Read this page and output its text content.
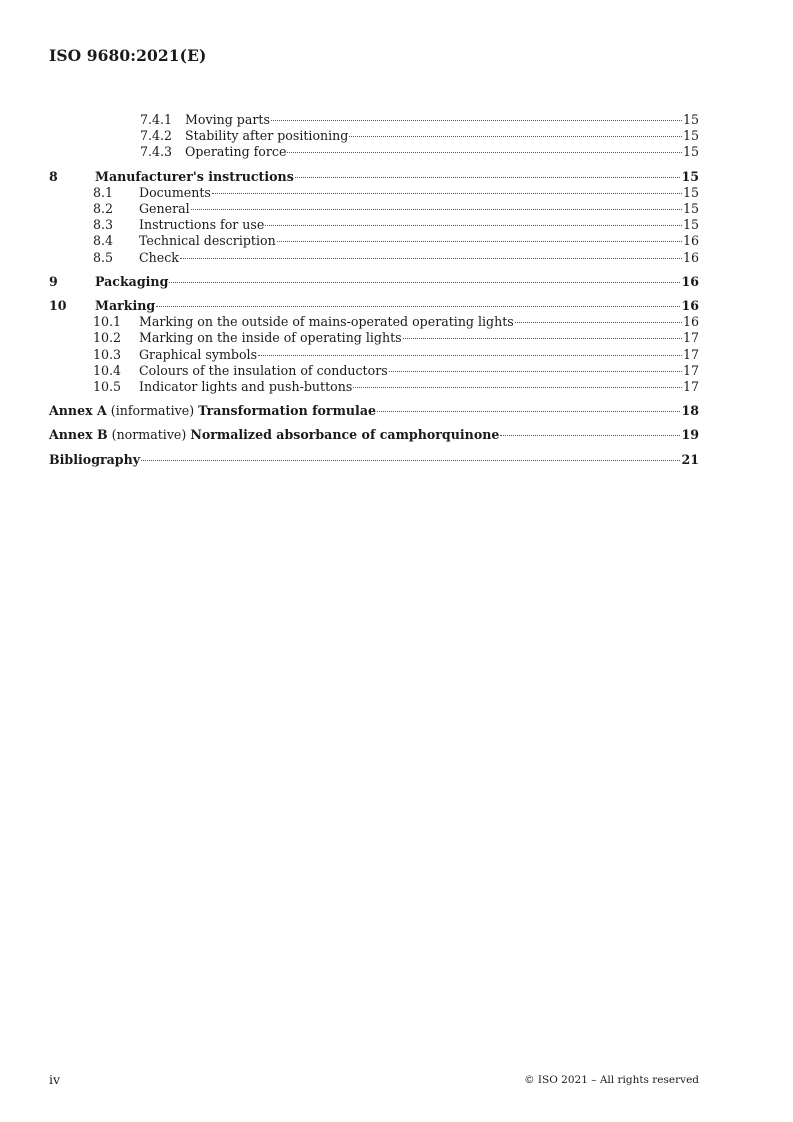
ISO 9680:2021(E)
7.4.1	Moving parts	15
7.4.2	Stability after positioning	15
7.4.3	Operating force	15
8	Manufacturer's instructions	15
8.1	Documents	15
8.2	General	15
8.3	Instructions for use	15
8.4	Technical description	16
8.5	Check	16
9	Packaging	16
10	Marking	16
10.1	Marking on the outside of mains-operated operating lights	16
10.2	Marking on the inside of operating lights	17
10.3	Graphical symbols	17
10.4	Colours of the insulation of conductors	17
10.5	Indicator lights and push-buttons	17
Annex A (informative) Transformation formulae	18
Annex B (normative) Normalized absorbance of camphorquinone	19
Bibliography	21
iv	© ISO 2021 – All rights reserved
